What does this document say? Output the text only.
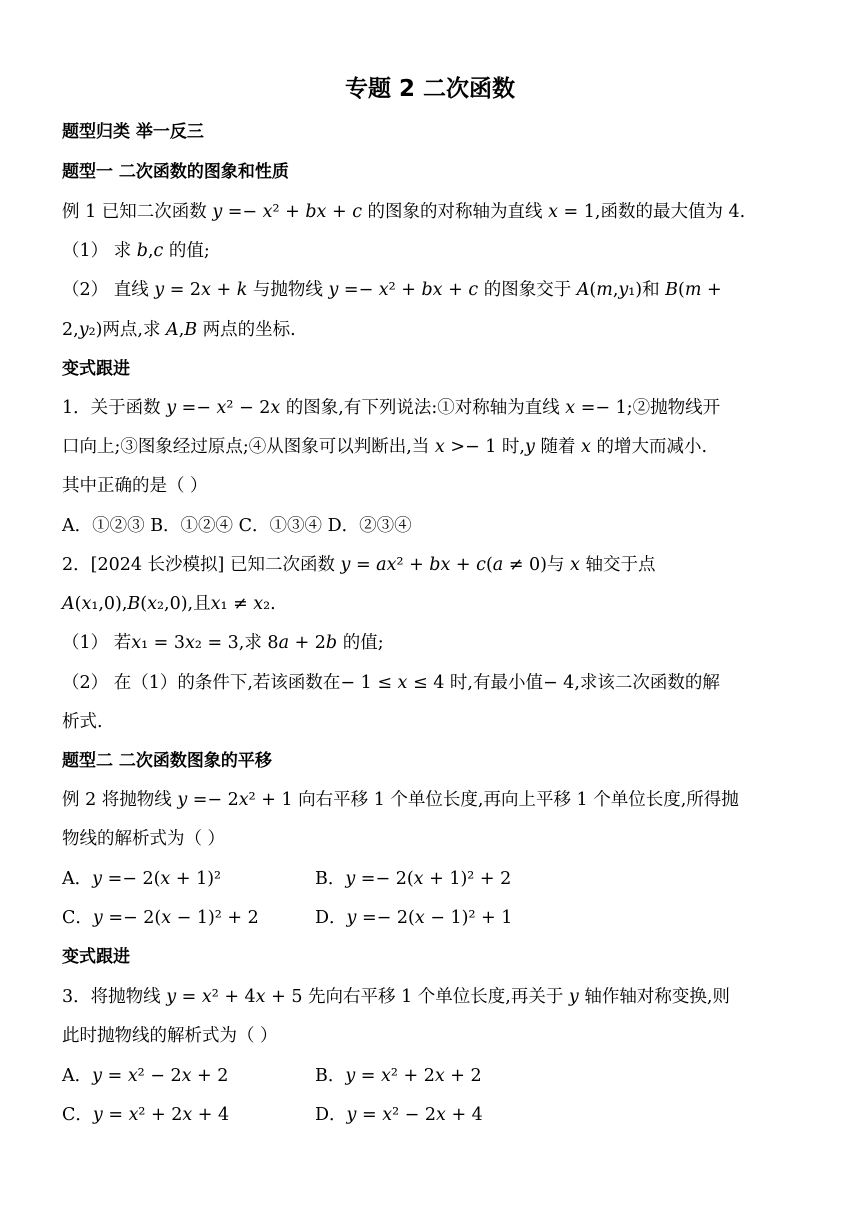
专题 2 二次函数
题型归类 举一反三
题型一 二次函数的图象和性质
例 1 已知二次函数 𝑦 =− 𝑥² + 𝑏𝑥 + 𝑐 的图象的对称轴为直线 𝑥 = 1,函数的最大值为 4.
（1） 求 𝑏,𝑐 的值;
（2） 直线 𝑦 = 2𝑥 + 𝑘 与抛物线 𝑦 =− 𝑥² + 𝑏𝑥 + 𝑐 的图象交于 𝐴(𝑚,𝑦₁)和 𝐵(𝑚 +
2,𝑦₂)两点,求 𝐴,𝐵 两点的坐标.
变式跟进
1．关于函数 𝑦 =− 𝑥² − 2𝑥 的图象,有下列说法:①对称轴为直线 𝑥 =− 1;②抛物线开
口向上;③图象经过原点;④从图象可以判断出,当 𝑥 >− 1 时,𝑦 随着 𝑥 的增大而减小.
其中正确的是（ ）
A．①②③ B．①②④ C．①③④ D．②③④
2．[2024 长沙模拟] 已知二次函数 𝑦 = 𝑎𝑥² + 𝑏𝑥 + 𝑐(𝑎 ≠ 0)与 𝑥 轴交于点
𝐴(𝑥₁,0),𝐵(𝑥₂,0),且𝑥₁ ≠ 𝑥₂.
（1） 若𝑥₁ = 3𝑥₂ = 3,求 8𝑎 + 2𝑏 的值;
（2） 在（1）的条件下,若该函数在− 1 ≤ 𝑥 ≤ 4 时,有最小值− 4,求该二次函数的解
析式.
题型二 二次函数图象的平移
例 2 将抛物线 𝑦 =− 2𝑥² + 1 向右平移 1 个单位长度,再向上平移 1 个单位长度,所得抛
物线的解析式为（ ）
A．𝑦 =− 2(𝑥 + 1)²	B．𝑦 =− 2(𝑥 + 1)² + 2
C．𝑦 =− 2(𝑥 − 1)² + 2	D．𝑦 =− 2(𝑥 − 1)² + 1
变式跟进
3．将抛物线 𝑦 = 𝑥² + 4𝑥 + 5 先向右平移 1 个单位长度,再关于 𝑦 轴作轴对称变换,则
此时抛物线的解析式为（ ）
A．𝑦 = 𝑥² − 2𝑥 + 2	B．𝑦 = 𝑥² + 2𝑥 + 2
C．𝑦 = 𝑥² + 2𝑥 + 4	D．𝑦 = 𝑥² − 2𝑥 + 4
